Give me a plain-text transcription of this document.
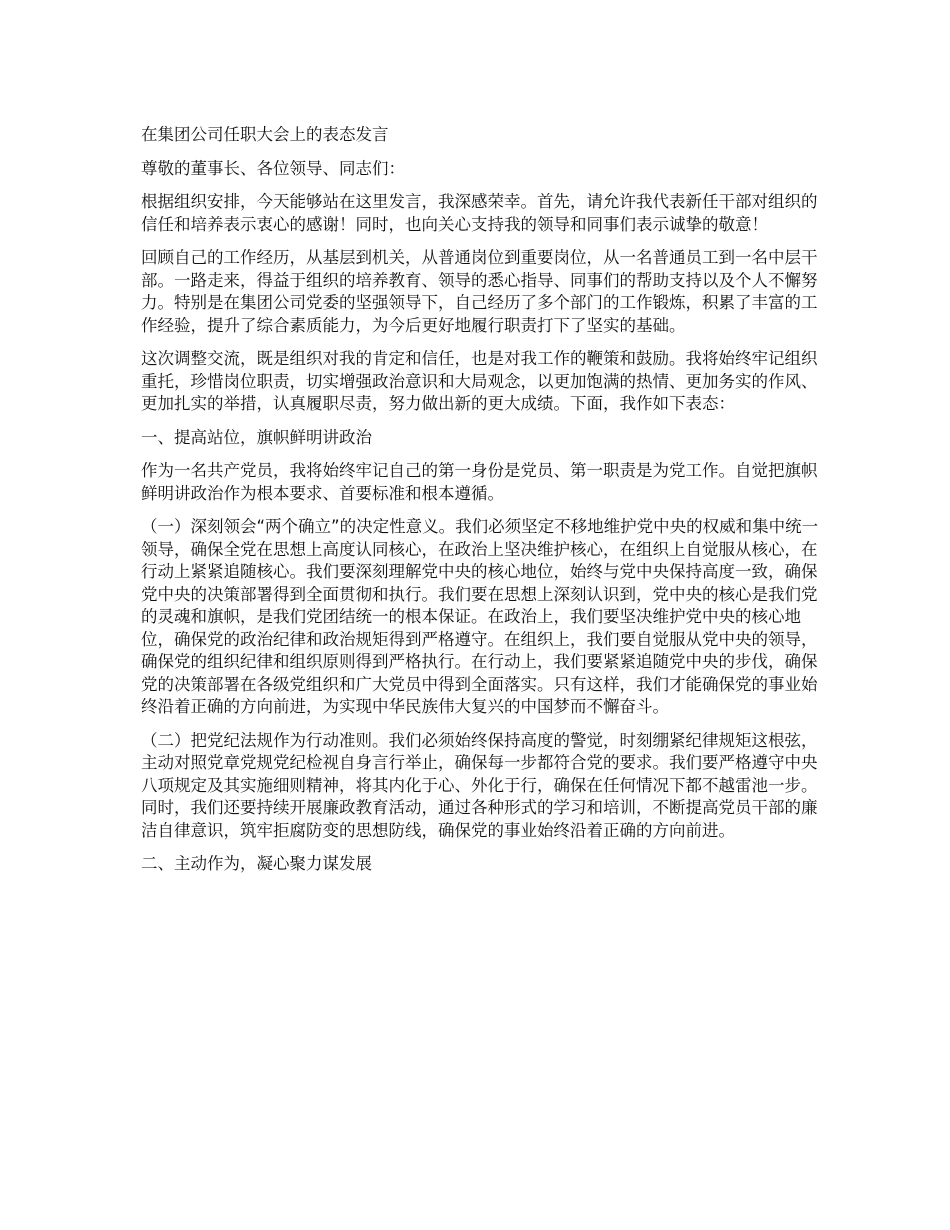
在集团公司任职大会上的表态发言

尊敬的董事长、各位领导、同志们：

根据组织安排，今天能够站在这里发言，我深感荣幸。首先，请允许我代表新任干部对组织的信任和培养表示衷心的感谢！同时，也向关心支持我的领导和同事们表示诚挚的敬意！

回顾自己的工作经历，从基层到机关，从普通岗位到重要岗位，从一名普通员工到一名中层干部。一路走来，得益于组织的培养教育、领导的悉心指导、同事们的帮助支持以及个人不懈努力。特别是在集团公司党委的坚强领导下，自己经历了多个部门的工作锻炼，积累了丰富的工作经验，提升了综合素质能力，为今后更好地履行职责打下了坚实的基础。

这次调整交流，既是组织对我的肯定和信任，也是对我工作的鞭策和鼓励。我将始终牢记组织重托，珍惜岗位职责，切实增强政治意识和大局观念，以更加饱满的热情、更加务实的作风、更加扎实的举措，认真履职尽责，努力做出新的更大成绩。下面，我作如下表态：

一、提高站位，旗帜鲜明讲政治

作为一名共产党员，我将始终牢记自己的第一身份是党员、第一职责是为党工作。自觉把旗帜鲜明讲政治作为根本要求、首要标准和根本遵循。

（一）深刻领会“两个确立”的决定性意义。我们必须坚定不移地维护党中央的权威和集中统一领导，确保全党在思想上高度认同核心，在政治上坚决维护核心，在组织上自觉服从核心，在行动上紧紧追随核心。我们要深刻理解党中央的核心地位，始终与党中央保持高度一致，确保党中央的决策部署得到全面贯彻和执行。我们要在思想上深刻认识到，党中央的核心是我们党的灵魂和旗帜，是我们党团结统一的根本保证。在政治上，我们要坚决维护党中央的核心地位，确保党的政治纪律和政治规矩得到严格遵守。在组织上，我们要自觉服从党中央的领导，确保党的组织纪律和组织原则得到严格执行。在行动上，我们要紧紧追随党中央的步伐，确保党的决策部署在各级党组织和广大党员中得到全面落实。只有这样，我们才能确保党的事业始终沿着正确的方向前进，为实现中华民族伟大复兴的中国梦而不懈奋斗。

（二）把党纪法规作为行动准则。我们必须始终保持高度的警觉，时刻绷紧纪律规矩这根弦，主动对照党章党规党纪检视自身言行举止，确保每一步都符合党的要求。我们要严格遵守中央八项规定及其实施细则精神，将其内化于心、外化于行，确保在任何情况下都不越雷池一步。同时，我们还要持续开展廉政教育活动，通过各种形式的学习和培训，不断提高党员干部的廉洁自律意识，筑牢拒腐防变的思想防线，确保党的事业始终沿着正确的方向前进。

二、主动作为，凝心聚力谋发展
